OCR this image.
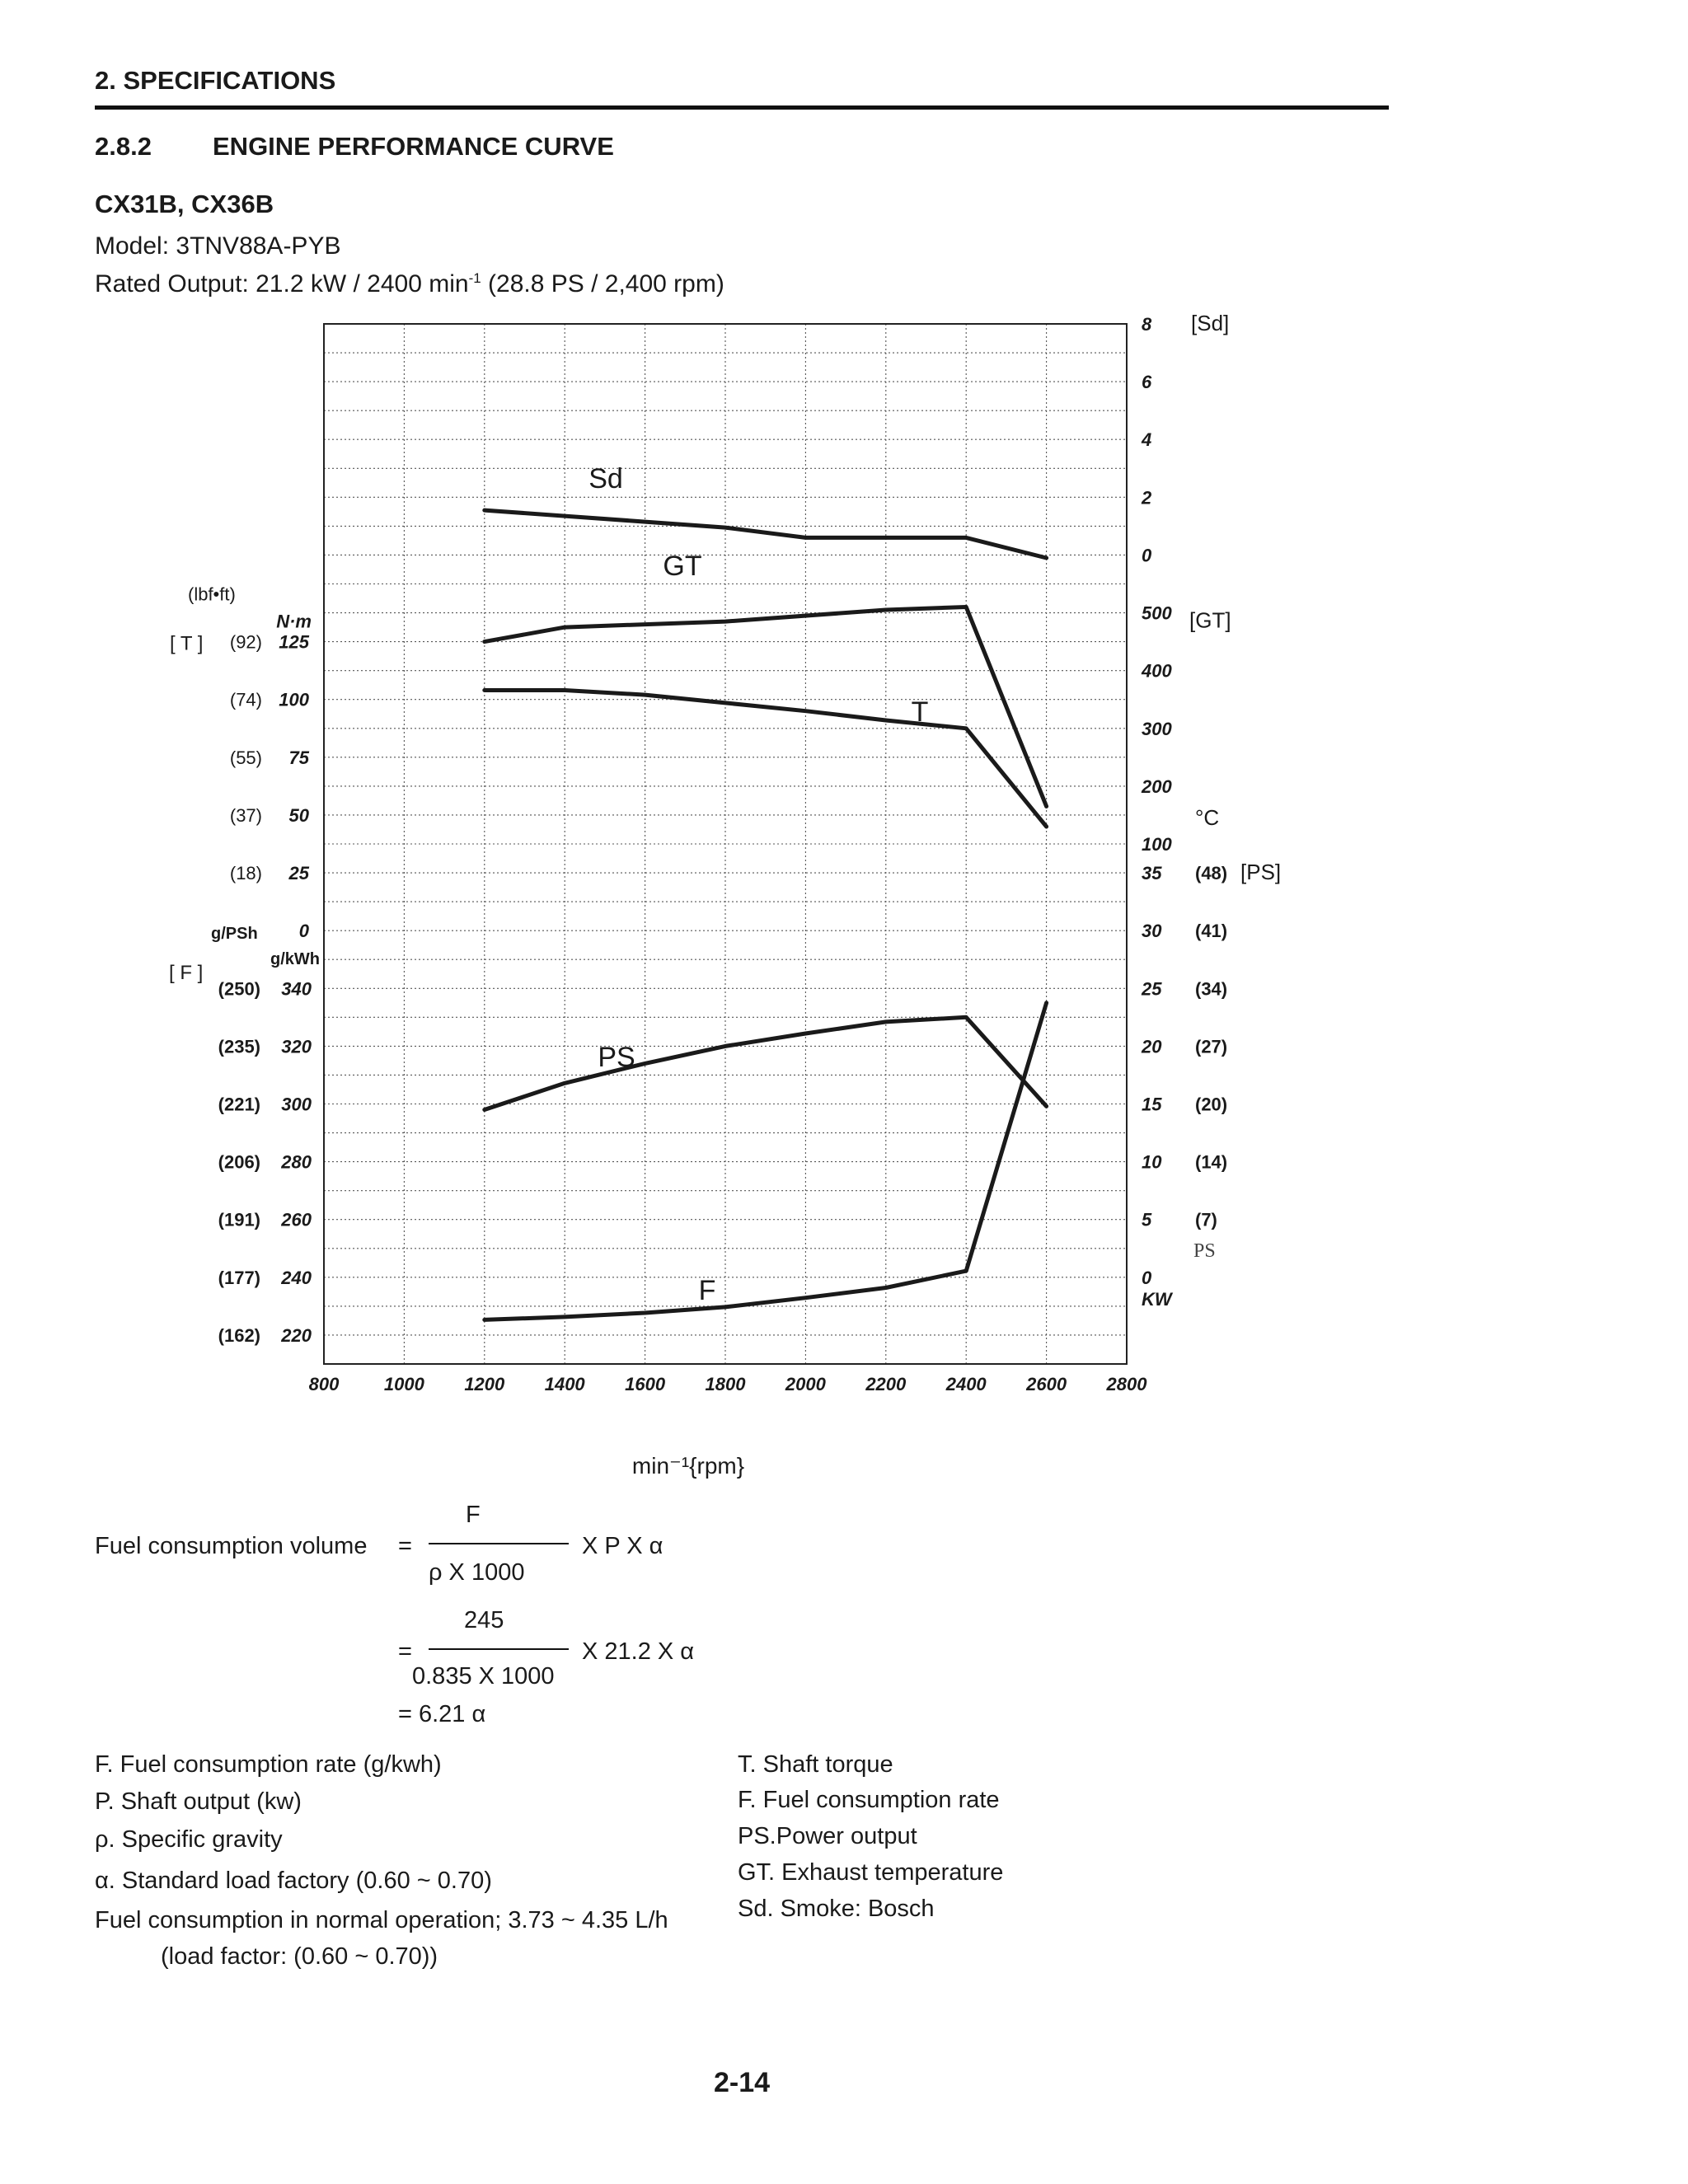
2. SPECIFICATIONS
2.8.2 ENGINE PERFORMANCE CURVE
CX31B, CX36B
Model: 3TNV88A-PYB
Rated Output: 21.2 kW / 2400 $\min^{-1} (28.8$ PS / 2,400 rpm)
Sd
GT
T
PS
F
800 1000 1200 1400 1600 1800 2000 2200 2400 2600 2800
min⁻¹{rpm}
125
100
75
50
25
0
(92)
(74)
(55)
(37)
(18)
(lbf•ft)
N·m
[ T ]
340
320
300
280
260
240
220
(250)
(235)
(221)
(206)
(191)
(177)
(162)
g/PSh
g/kWh
[ F ]
8
6
4
2
0
[Sd]
500
400
300
200
100
[GT]
°C
35
30
25
20
15
10
5
0
(48)
(41)
(34)
(27)
(20)
(14)
(7)
[PS]
KW
PS
Fuel consumption volume =
F
ρ X 1000
X P X α
245
=
0.835 X 1000
X 21.2 X α
= 6.21 α
F. Fuel consumption rate (g/kwh)
P. Shaft output (kw)
ρ. Specific gravity
α. Standard load factory (0.60 ~ 0.70)
Fuel consumption in normal operation; 3.73 ~ 4.35 L/h
(load factor: (0.60 ~ 0.70))
T. Shaft torque
F. Fuel consumption rate
PS.Power output
GT. Exhaust temperature
Sd. Smoke: Bosch
2-14
